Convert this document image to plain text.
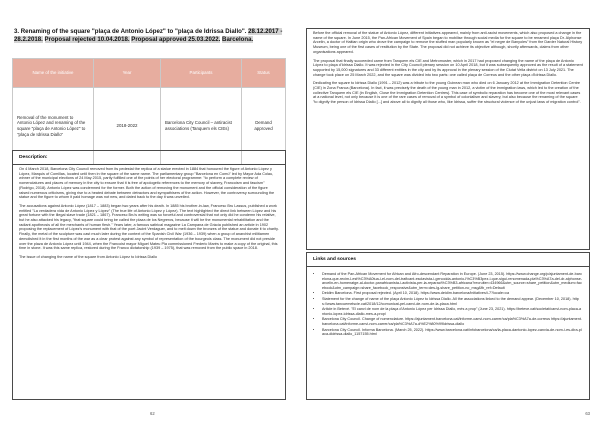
3. Renaming of the square "plaça de Antonio López" to "plaça de Idrissa Diallo". 28.12.2017 - 28.2.2018. Proposal rejected 10.04.2018. Proposal approved 25.03.2022. Barcelona.
Name of the initiative	Year	Participants	Status
Removal of the monument to Antonio López and renaming of the square "plaça de Antonio López" to "plaça de Idrissa Diallo"	2018-2022	Barcelona City Council – antiracist associations (Tanquem els CIEs)	Demand approved
Description:

On 4 March 2018, Barcelona City Council removed from its pedestal the replica of a statue erected in 1884 that honoured the figure of Antonio López y López, Marquis of Comillas, located until then in the square of the same name. The parliamentary group "Barcelona en Comú" led by Mayor Ada Colau, winner of the municipal elections of 24 May 2015, partly fulfilled one of the points of her electoral programme: "to perform a complete review of nomenclatures and places of memory in the city to ensure that it is free of apologetic references to the memory of slavery, Francoism and fascism" (Rodrigo, 2018). Antonio López was condemned for the former. Both the action of removing the monument and the official consideration of the figure raised numerous criticisms, giving rise to a heated debate between detractors and sympathisers of the action. However, the controversy surrounding the statue and the figure to whom it paid homage was not new, and dated back to the day it was unveiled.

The accusations against Antonio López (1817 – 1883) began two years after his death. In 1885 his brother-in-law, Francesc Bru Lassus, published a work entitled "La verdadera vida de Antonio López y López" (The true life of Antonio López y López). The text highlighted the direct link between López and his great fortune with the illegal slave trade (1821 – 1867). Francesc Bru's writing was so forceful and controversial that not only did he condemn his relative, but he also attacked his legacy, "that square could bring be called the plaza de los Negreros, because it will be the monumental rehabilitation and the radiant apotheosis of all the merchants of human flesh." Years later, a famous satirical magazine La Campana de Gràcia published an article in 1902 proposing the replacement of López's monument with that of the poet Jacint Verdaguer, and to melt down the bronzes of the statue and donate it to charity. Finally, the metal of the sculpture was cast much later during the context of the Spanish Civil War (1936 – 1939) when a group of anarchist militiamen demolished it in the first months of the war as a clear protest against any symbol of representation of the bourgeois class. The monument did not preside over the plaza de Antonio López until 1944, when the Francoist mayor Miguel Mateu Pla commissioned Frederic Marès to make a copy of the original, this time in stone. It was this same replica, restored during the Franco dictatorship (1939 – 1975), that was removed from the public space in 2018.

The issue of changing the name of the square from Antonio López to Idrissa Diallo

62

Before the official removal of the statue of Antonio López, different initiatives appeared, mainly from anti-racist movements, which also proposed a change in the name of the square. In June 2015, the Pan-African Movement of Spain began to mobilise through social media for the square to be renamed plaça Dr. Alphonse Arcelin, a doctor of Haitian origin who drove the campaign to remove the stuffed man popularly known as "el negre de Banyoles" from the Darder Natural History Museum, being one of the first cases of restitution by the State. The proposal did not achieve its objective although, shortly afterwards, claims from other organisations appeared.

The proposal that finally succeeded came from Tanquem els CIE and Metromuster, which in 2017 had proposed changing the name of the plaça de Antonio López to plaça d'Idrissa Diallo. It was rejected in the City Council plenary session on 10 April 2018, but it was subsequently approved as the result of a statement supported by 15,000 signatures and 33 different entities in the city and by its approval in the plenary session of the Ciutat Vella district on 13 July 2021. The change took place on 25 March 2022, and the square was divided into two parts: one called plaça de Correus and the other plaça d'Idrissa Diallo.

Dedicating the square to Idrissa Diallo (1991 – 2012) was a tribute to the young Guinean man who died on 6 January 2012 at the Immigration Detention Centre (CIE) in Zona Franca (Barcelona). In fact, it was precisely the death of the young man in 2012, a victim of the immigration laws, which led to the creation of the collective Tanquem els CIE (in English, Close the Immigration Detention Centres). This case of symbolic reparation has become one of the most relevant cases at a national level, not only because it is one of the rare cases of removal of a symbol of colonialism and slavery, but also because the renaming of the square "to dignify the person of Idrissa Diallo [...] and above all to dignify all those who, like Idrissa, suffer the structural violence of the unjust laws of migration control".

Links and sources
• Demand of the Pan-African Movement for African and Afro-descendant Reparation in Europe. (June 23, 2015). https://www.change.org/p/ajuntament-de-barcelona-que-recim-l-est%C3%A0tua-i-el-nom-del-traficant-esclavista-i-genocida-antonio-l%C3%B3pez-i-que-sigui-renomenada-pla%C3%A7a-del-dr-alphonse-arcelin-en-homenatge-al-doctor-panafricanista-i-activista-per-la-reparaci%C3%B3-africana?recruiter=434966&utm_source=share_petition&utm_medium=facebook&utm_campaign=share_facebook_responsive&utm_term=des-lg-share_petition-no_msg&fb_ref=Default
• Deidim Barcelona. First proposal rejected. (April 10, 2018). https://www.deidim.barcelona/initiatives/i-7?locale=ca
• Statement for the change of name of the plaça Antonio López to Idrissa Diallo. All the associations linked to the demand appear. (December 10, 2018). https://www.tancuemelscie.cat/2018/12/comunicat-pel-canvi-de-nom-de-la-placa.html
• Article in Betevé. "El canvi de nom de la plaça d'Antonio López per Idrissa Diallo, més a prop" (June 23, 2021). https://beteve.cat/societat/canvi-nom-placa-antonio-lopez-idrissa-diallo-mes-a-prop/
• Barcelona City Council. Change of nomenclature. https://ajuntament.barcelona.cat/informe-canvi-nom-carrer/ca/pla%C3%A7a-de-correus https://ajuntament.barcelona.cat/informe-canvi-nom-carrer/ca/pla%C3%A7a-d%E2%80%99Idrissa-diallo
• Barcelona City Council. Informa Barcelona. (March 25, 2022). https://www.barcelona.cat/infobarcelona/ca/la-placa-dantonio-lopez-canvia-de-nom-i-es-dira-placa-didrissa-diallo_1157155.html
63
